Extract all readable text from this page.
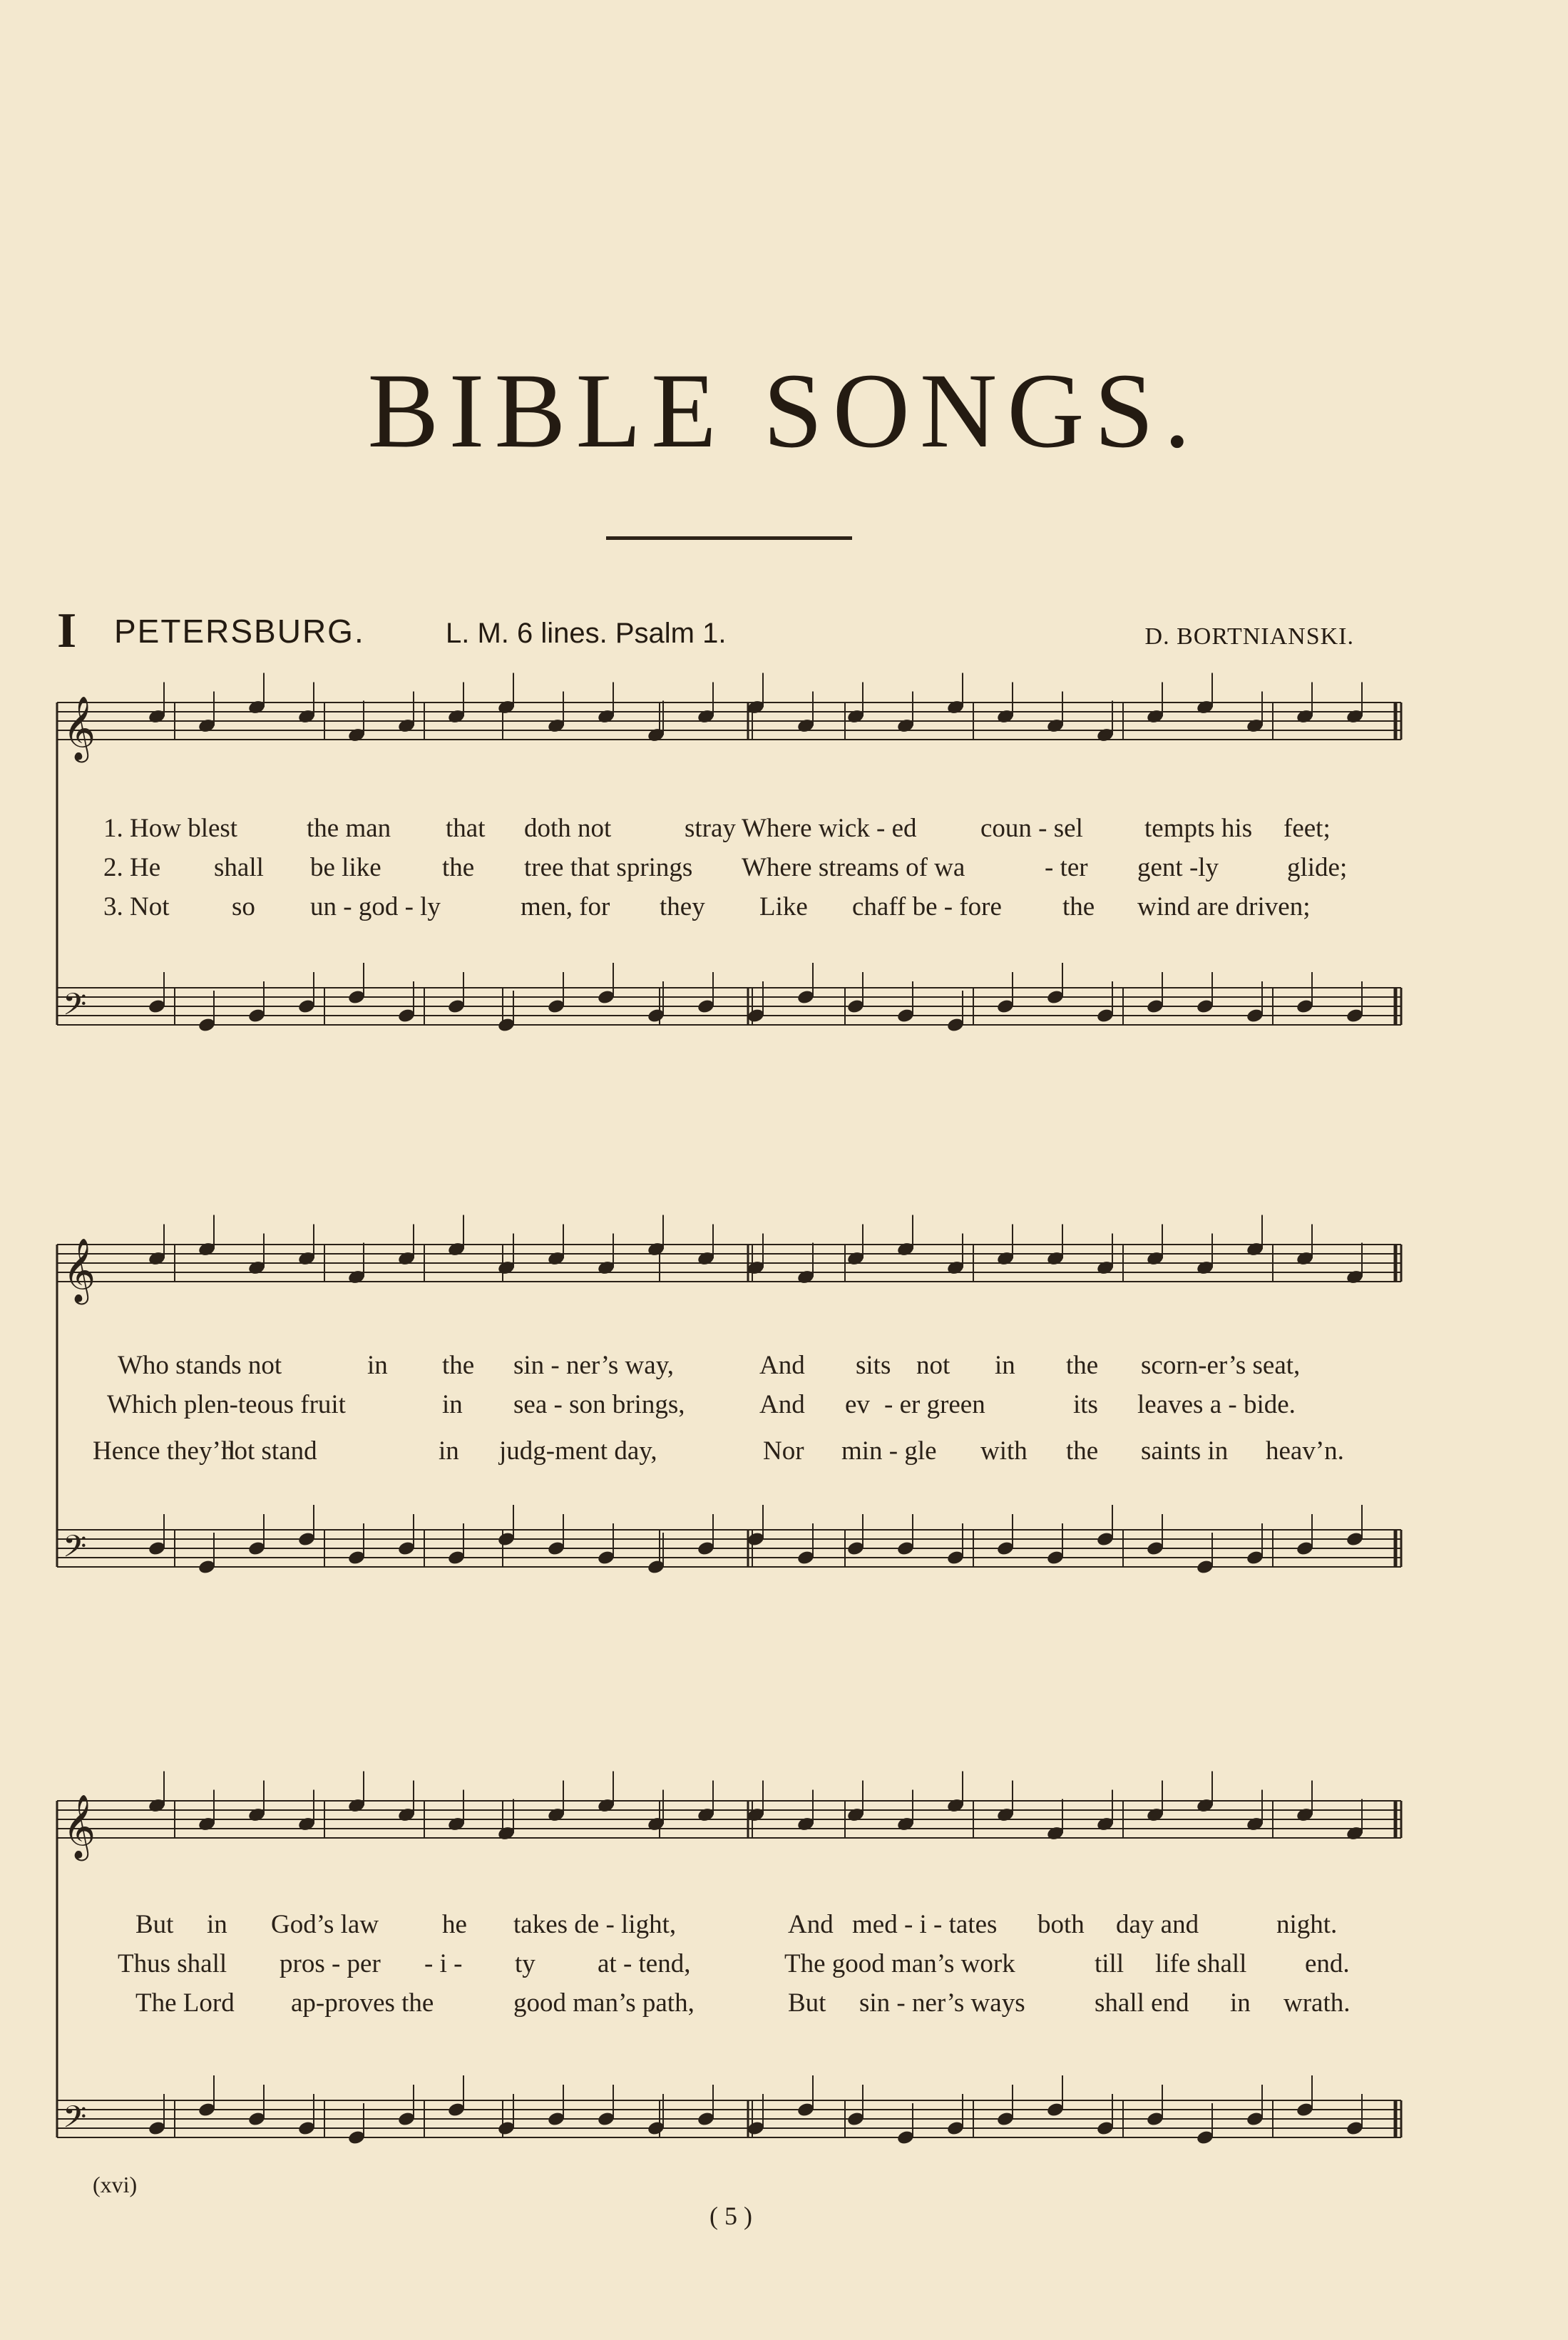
BIBLE SONGS.
I PETERSBURG.	L. M. 6 lines. Psalm 1.	D. BORTNIANSKI.
𝄞
𝄢
𝄞
𝄢
𝄞
𝄢
1. How blest	the man that doth not	stray Where wick - ed coun - sel tempts his feet;
2. He shall be like the tree that springs Where streams of wa	- ter gent -ly	glide;
3. Not so un - god - ly	men, for they Like chaff be - fore the wind are driven;
Who stands not	in the sin - ner’s way,	And sits not in the scorn-er’s seat,
Which plen-teous fruit	in sea - son brings,	And ev - er green	its leaves a - bide.
Hence they’ll
not stand	in judg-ment day,	Nor min - gle with the saints in heav’n.
But in God’s law he takes de - light,	And med - i - tates both day and	night.
Thus shall pros - per - i - ty at - tend,	The good man’s work	till life shall end.
The Lord ap-proves the	good man’s path,	But sin - ner’s ways	shall end in wrath.
(xvi)
( 5 )
